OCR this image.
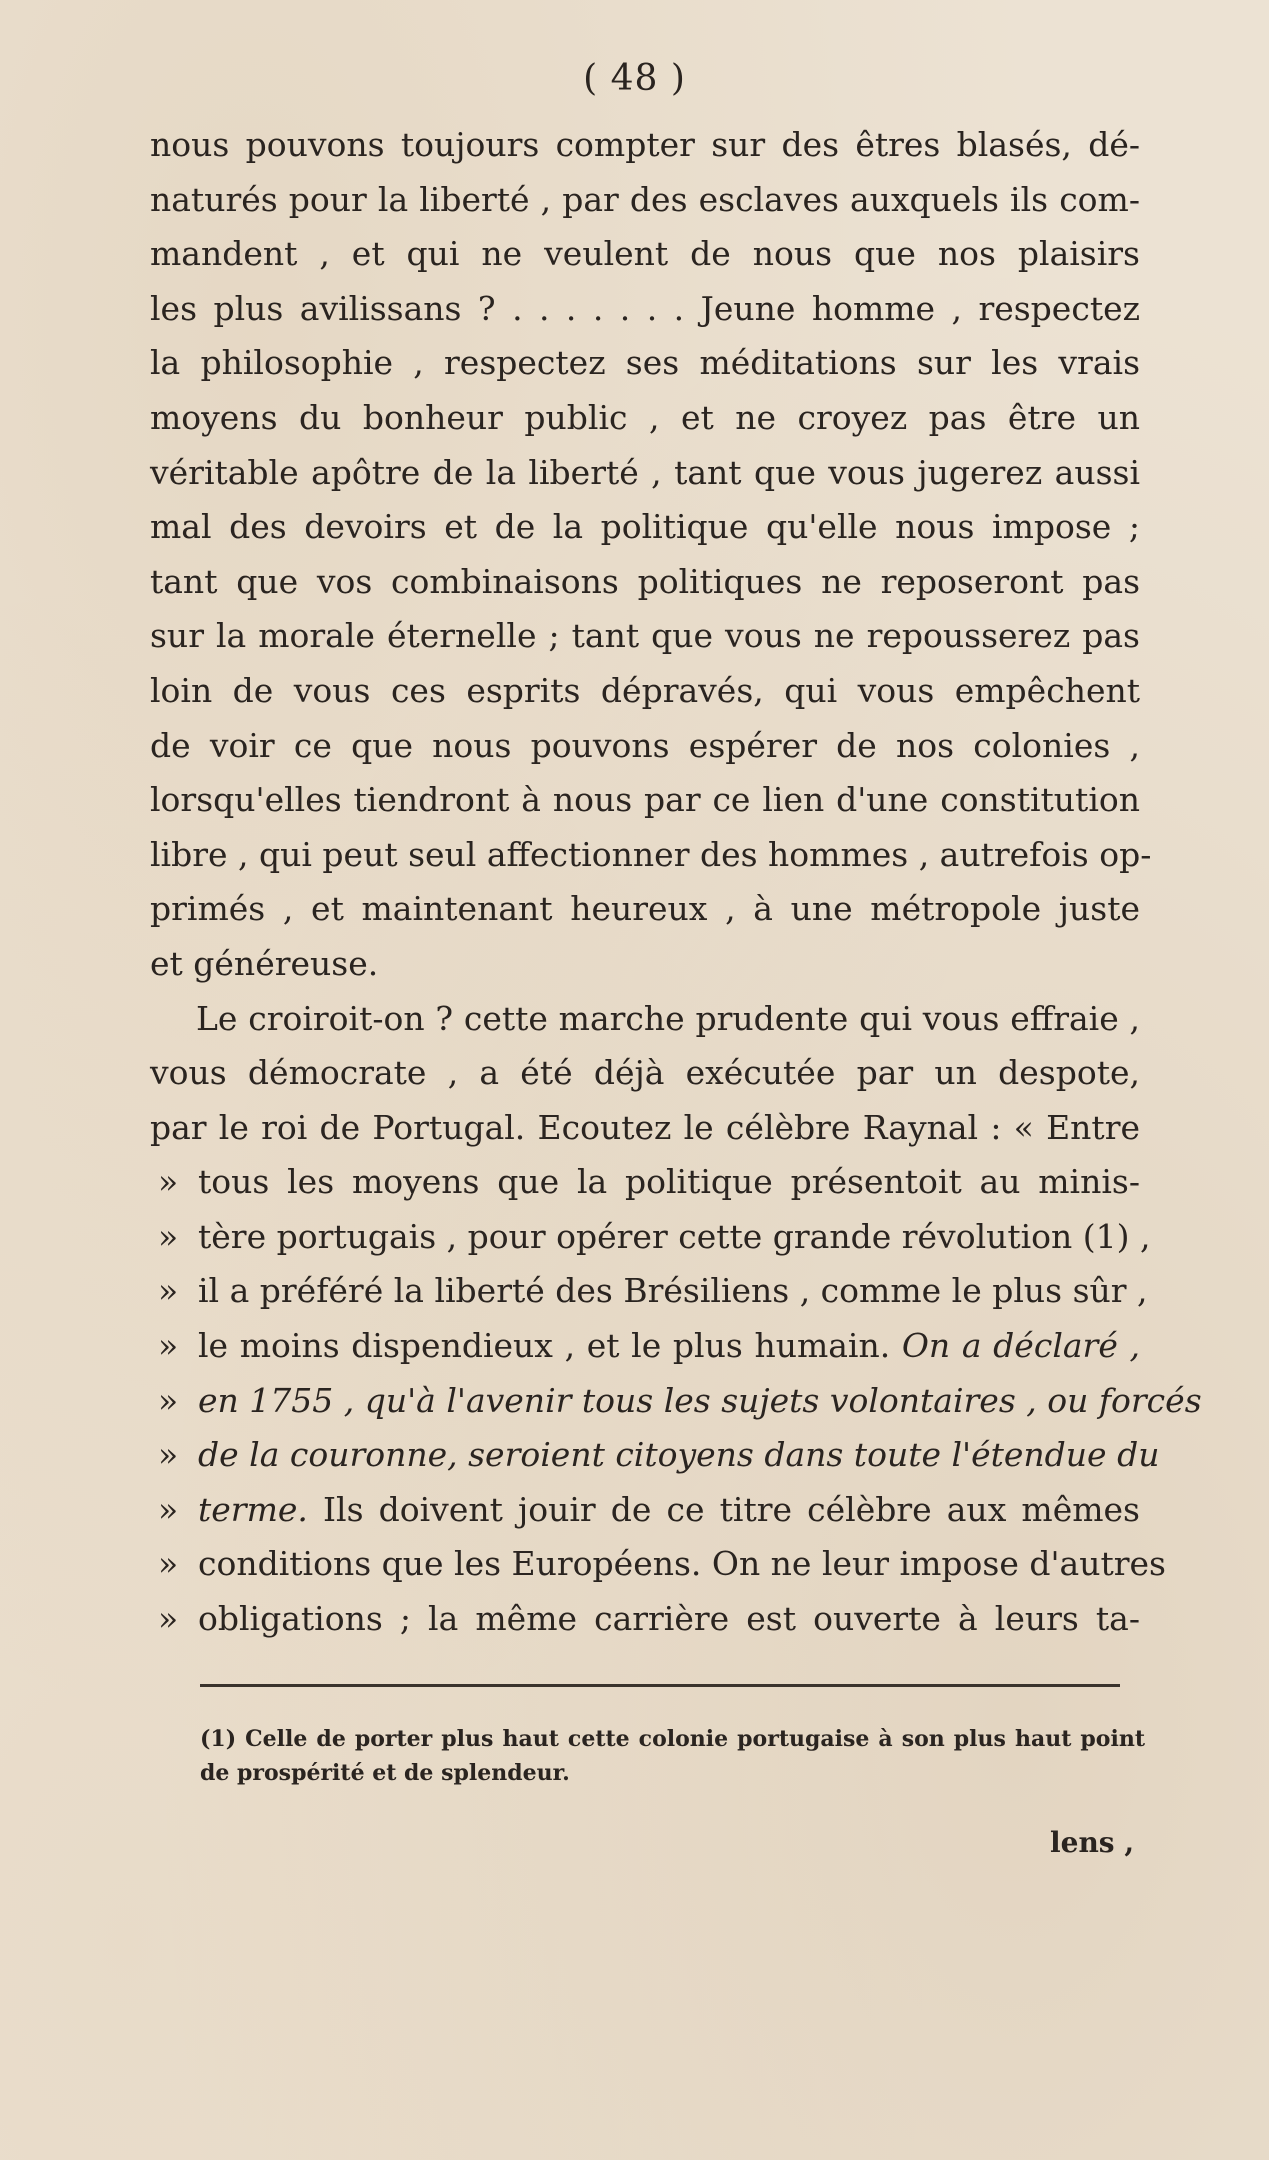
( 48 )
nous pouvons toujours compter sur des êtres blasés, dé-
naturés pour la liberté , par des esclaves auxquels ils com-
mandent , et qui ne veulent de nous que nos plaisirs
les plus avilissans ? . . . . . . . Jeune homme , respectez
la philosophie , respectez ses méditations sur les vrais
moyens du bonheur public , et ne croyez pas être un
véritable apôtre de la liberté , tant que vous jugerez aussi
mal des devoirs et de la politique qu'elle nous impose ;
tant que vos combinaisons politiques ne reposeront pas
sur la morale éternelle ; tant que vous ne repousserez pas
loin de vous ces esprits dépravés, qui vous empêchent
de voir ce que nous pouvons espérer de nos colonies ,
lorsqu'elles tiendront à nous par ce lien d'une constitution
libre , qui peut seul affectionner des hommes , autrefois op-
primés , et maintenant heureux , à une métropole juste
et généreuse.
Le croiroit-on ? cette marche prudente qui vous effraie ,
vous démocrate , a été déjà exécutée par un despote,
par le roi de Portugal. Ecoutez le célèbre Raynal : « Entre
» tous les moyens que la politique présentoit au minis-
» tère portugais , pour opérer cette grande révolution (1) ,
» il a préféré la liberté des Brésiliens , comme le plus sûr ,
» le moins dispendieux , et le plus humain. On a déclaré ,
» en 1755 , qu'à l'avenir tous les sujets volontaires , ou forcés
» de la couronne, seroient citoyens dans toute l'étendue du
» terme. Ils doivent jouir de ce titre célèbre aux mêmes
» conditions que les Européens. On ne leur impose d'autres
» obligations ; la même carrière est ouverte à leurs ta-
(1) Celle de porter plus haut cette colonie portugaise à son plus haut point de prospérité et de splendeur.
lens ,
